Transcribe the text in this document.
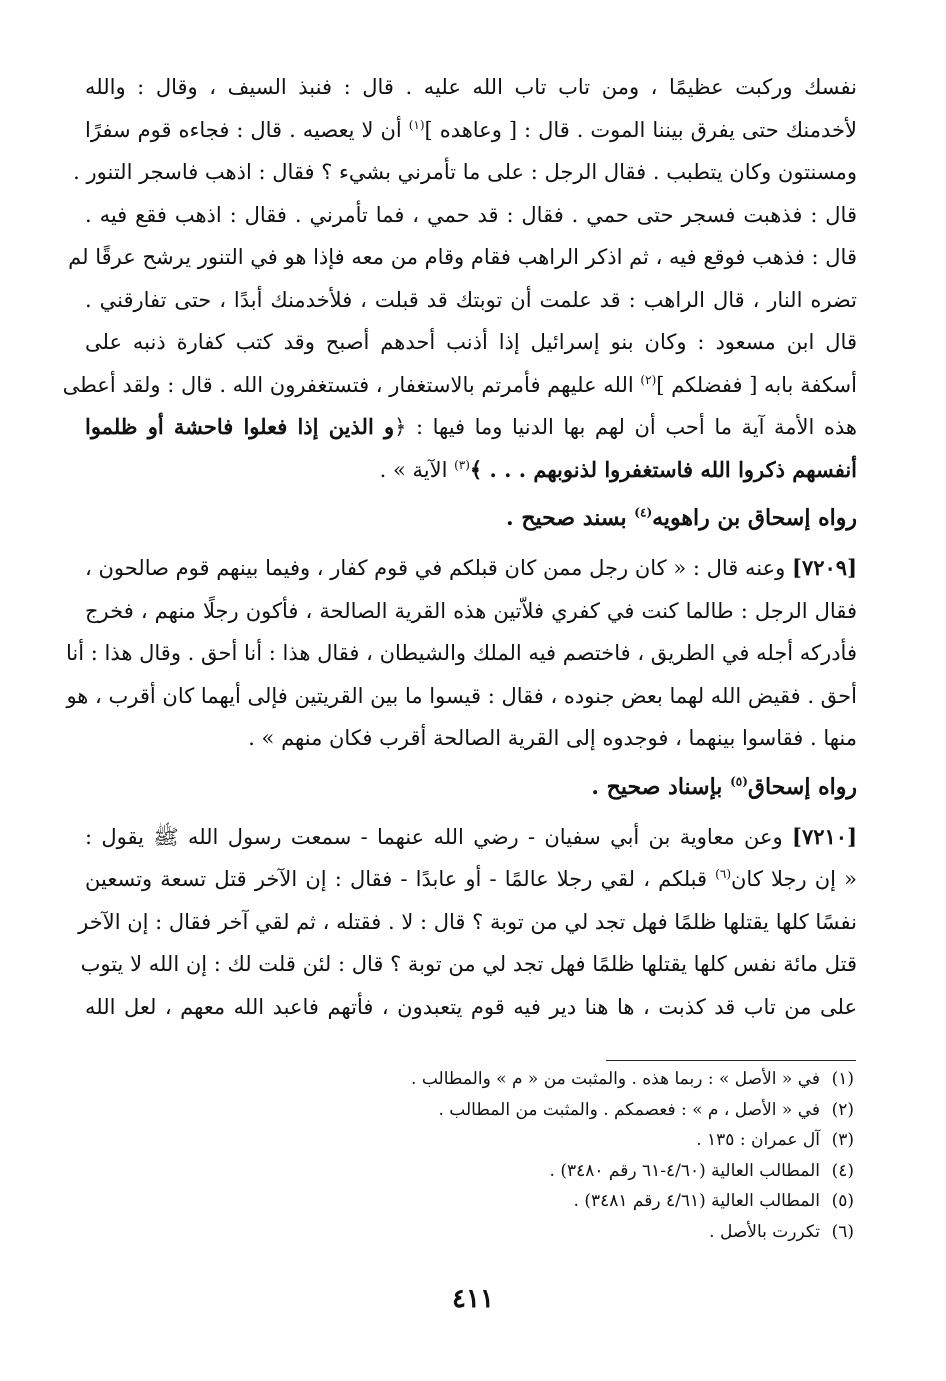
نفسك وركبت عظيمًا ، ومن تاب تاب الله عليه . قال : فنبذ السيف ، وقال : والله

لأخدمنك حتى يفرق بيننا الموت . قال : [ وعاهده ]$^{(١)}$ أن لا يعصيه . قال : فجاءه قوم سفرًا

ومسنتون وكان يتطبب . فقال الرجل : على ما تأمرني بشيء ؟ فقال : اذهب فاسجر التنور .

قال : فذهبت فسجر حتى حمي . فقال : قد حمي ، فما تأمرني . فقال : اذهب فقع فيه .

قال : فذهب فوقع فيه ، ثم اذكر الراهب فقام وقام من معه فإذا هو في التنور يرشح عرقًا لم

تضره النار ، قال الراهب : قد علمت أن توبتك قد قبلت ، فلأخدمنك أبدًا ، حتى تفارقني .

قال ابن مسعود : وكان بنو إسرائيل إذا أذنب أحدهم أصبح وقد كتب كفارة ذنبه على

أسكفة بابه [ ففضلكم ]$^{(٢)}$ الله عليهم فأمرتم بالاستغفار ، فتستغفرون الله . قال : ولقد أعطى

هذه الأمة آية ما أحب أن لهم بها الدنيا وما فيها : ﴿و الذين إذا فعلوا فاحشة أو ظلموا

أنفسهم ذكروا الله فاستغفروا لذنوبهم . . . ﴾$^{(٣)}$ الآية » .

رواه إسحاق بن راهويه$^{(٤)}$ بسند صحيح .

[٧٢٠٩] وعنه قال : « كان رجل ممن كان قبلكم في قوم كفار ، وفيما بينهم قوم صالحون ،

فقال الرجل : طالما كنت في كفري فلاّتين هذه القرية الصالحة ، فأكون رجلًا منهم ، فخرج

فأدركه أجله في الطريق ، فاختصم فيه الملك والشيطان ، فقال هذا : أنا أحق . وقال هذا : أنا

أحق . فقيض الله لهما بعض جنوده ، فقال : قيسوا ما بين القريتين فإلى أيهما كان أقرب ، هو

منها . فقاسوا بينهما ، فوجدوه إلى القرية الصالحة أقرب فكان منهم » .

رواه إسحاق$^{(٥)}$ بإسناد صحيح .

[٧٢١٠] وعن معاوية بن أبي سفيان - رضي الله عنهما - سمعت رسول الله ﷺ يقول :

« إن رجلا كان$^{(٦)}$ قبلكم ، لقي رجلا عالمًا - أو عابدًا - فقال : إن الآخر قتل تسعة وتسعين

نفسًا كلها يقتلها ظلمًا فهل تجد لي من توبة ؟ قال : لا . فقتله ، ثم لقي آخر فقال : إن الآخر

قتل مائة نفس كلها يقتلها ظلمًا فهل تجد لي من توبة ؟ قال : لئن قلت لك : إن الله لا يتوب

على من تاب قد كذبت ، ها هنا دير فيه قوم يتعبدون ، فأتهم فاعبد الله معهم ، لعل الله

(١)في « الأصل » : ربما هذه . والمثبت من « م » والمطالب .
(٢)في « الأصل ، م » : فعصمكم . والمثبت من المطالب .
(٣)آل عمران : ١٣٥ .
(٤)المطالب العالية (٤/٦٠-٦١ رقم ٣٤٨٠) .
(٥)المطالب العالية (٤/٦١ رقم ٣٤٨١) .
(٦)تكررت بالأصل .
٤١١
